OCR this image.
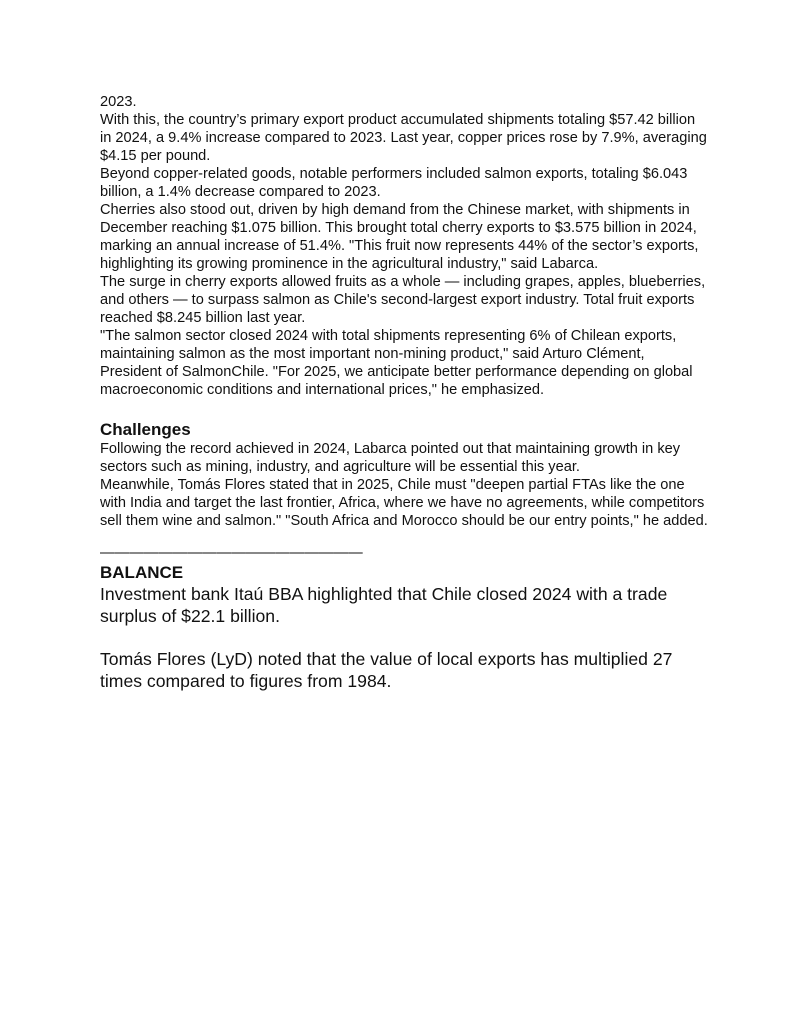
2023.

With this, the country’s primary export product accumulated shipments totaling $57.42 billion in 2024, a 9.4% increase compared to 2023. Last year, copper prices rose by 7.9%, averaging $4.15 per pound.

Beyond copper-related goods, notable performers included salmon exports, totaling $6.043 billion, a 1.4% decrease compared to 2023.

Cherries also stood out, driven by high demand from the Chinese market, with shipments in December reaching $1.075 billion. This brought total cherry exports to $3.575 billion in 2024, marking an annual increase of 51.4%. "This fruit now represents 44% of the sector’s exports, highlighting its growing prominence in the agricultural industry," said Labarca.

The surge in cherry exports allowed fruits as a whole — including grapes, apples, blueberries, and others — to surpass salmon as Chile's second-largest export industry. Total fruit exports reached $8.245 billion last year.

"The salmon sector closed 2024 with total shipments representing 6% of Chilean exports, maintaining salmon as the most important non-mining product," said Arturo Clément, President of SalmonChile. "For 2025, we anticipate better performance depending on global macroeconomic conditions and international prices," he emphasized.

Challenges

Following the record achieved in 2024, Labarca pointed out that maintaining growth in key sectors such as mining, industry, and agriculture will be essential this year.

Meanwhile, Tomás Flores stated that in 2025, Chile must "deepen partial FTAs like the one with India and target the last frontier, Africa, where we have no agreements, while competitors sell them wine and salmon." "South Africa and Morocco should be our entry points," he added.

——————————————————
BALANCE

Investment bank Itaú BBA highlighted that Chile closed 2024 with a trade surplus of $22.1 billion.

Tomás Flores (LyD) noted that the value of local exports has multiplied 27 times compared to figures from 1984.
